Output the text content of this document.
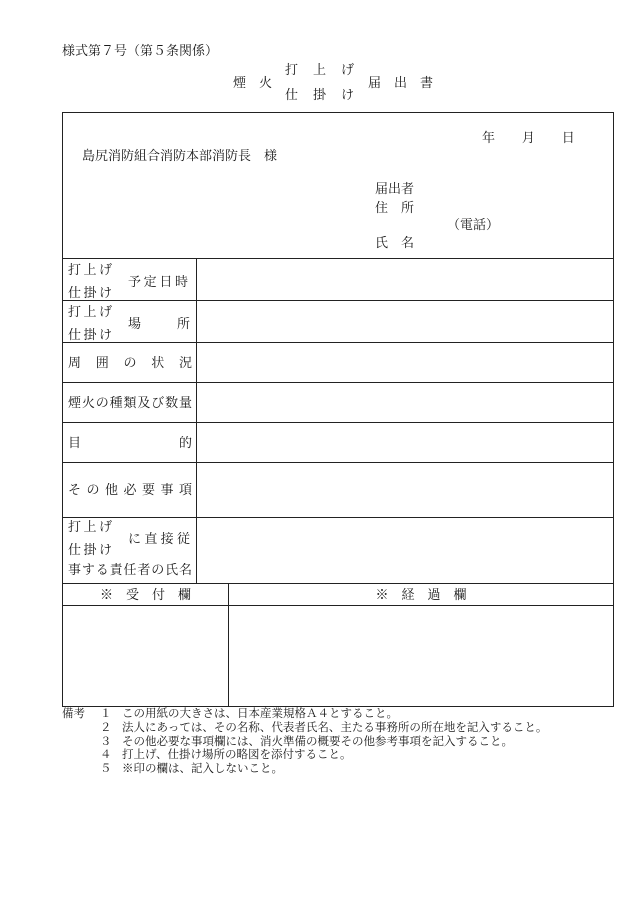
様式第７号（第５条関係）
煙　火
打　上　げ
仕　掛　け
届　出　書
年　　月　　日
島尻消防組合消防本部消防長　様
届出者
住　所
（電話）
氏　名
打上げ
仕掛け
予定日時
打上げ
仕掛け
場　　所
周　囲　の　状　況
煙火の種類及び数量
目　　　　　　　的
その他必要事項
打上げ
仕掛け
に直接従
事する責任者の氏名
※　受　付　欄	※　経　過　欄
備考 １ この用紙の大きさは、日本産業規格Ａ４とすること。
２ 法人にあっては、その名称、代表者氏名、主たる事務所の所在地を記入すること。
３ その他必要な事項欄には、消火準備の概要その他参考事項を記入すること。
４ 打上げ、仕掛け場所の略図を添付すること。
５ ※印の欄は、記入しないこと。
